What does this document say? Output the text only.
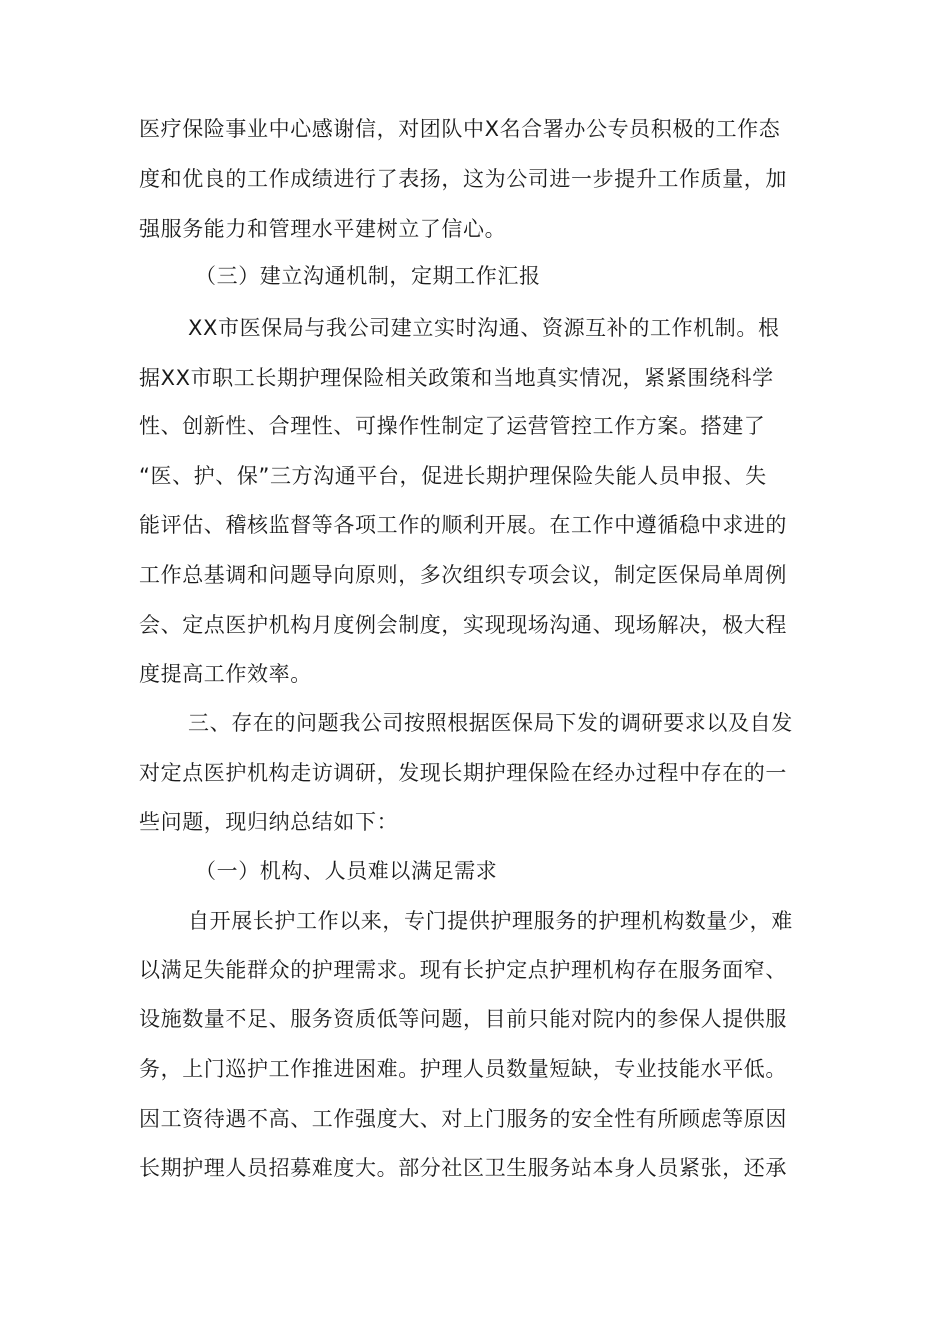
医疗保险事业中心感谢信，对团队中X名合署办公专员积极的工作态
度和优良的工作成绩进行了表扬，这为公司进一步提升工作质量，加
强服务能力和管理水平建树立了信心。
（三）建立沟通机制，定期工作汇报
XX市医保局与我公司建立实时沟通、资源互补的工作机制。根
据XX市职工长期护理保险相关政策和当地真实情况，紧紧围绕科学
性、创新性、合理性、可操作性制定了运营管控工作方案。搭建了
“医、护、保”三方沟通平台，促进长期护理保险失能人员申报、失
能评估、稽核监督等各项工作的顺利开展。在工作中遵循稳中求进的
工作总基调和问题导向原则，多次组织专项会议，制定医保局单周例
会、定点医护机构月度例会制度，实现现场沟通、现场解决，极大程
度提高工作效率。
三、存在的问题我公司按照根据医保局下发的调研要求以及自发
对定点医护机构走访调研，发现长期护理保险在经办过程中存在的一
些问题，现归纳总结如下：
（一）机构、人员难以满足需求
自开展长护工作以来，专门提供护理服务的护理机构数量少，难
以满足失能群众的护理需求。现有长护定点护理机构存在服务面窄、
设施数量不足、服务资质低等问题，目前只能对院内的参保人提供服
务，上门巡护工作推进困难。护理人员数量短缺，专业技能水平低。
因工资待遇不高、工作强度大、对上门服务的安全性有所顾虑等原因
长期护理人员招募难度大。部分社区卫生服务站本身人员紧张，还承
